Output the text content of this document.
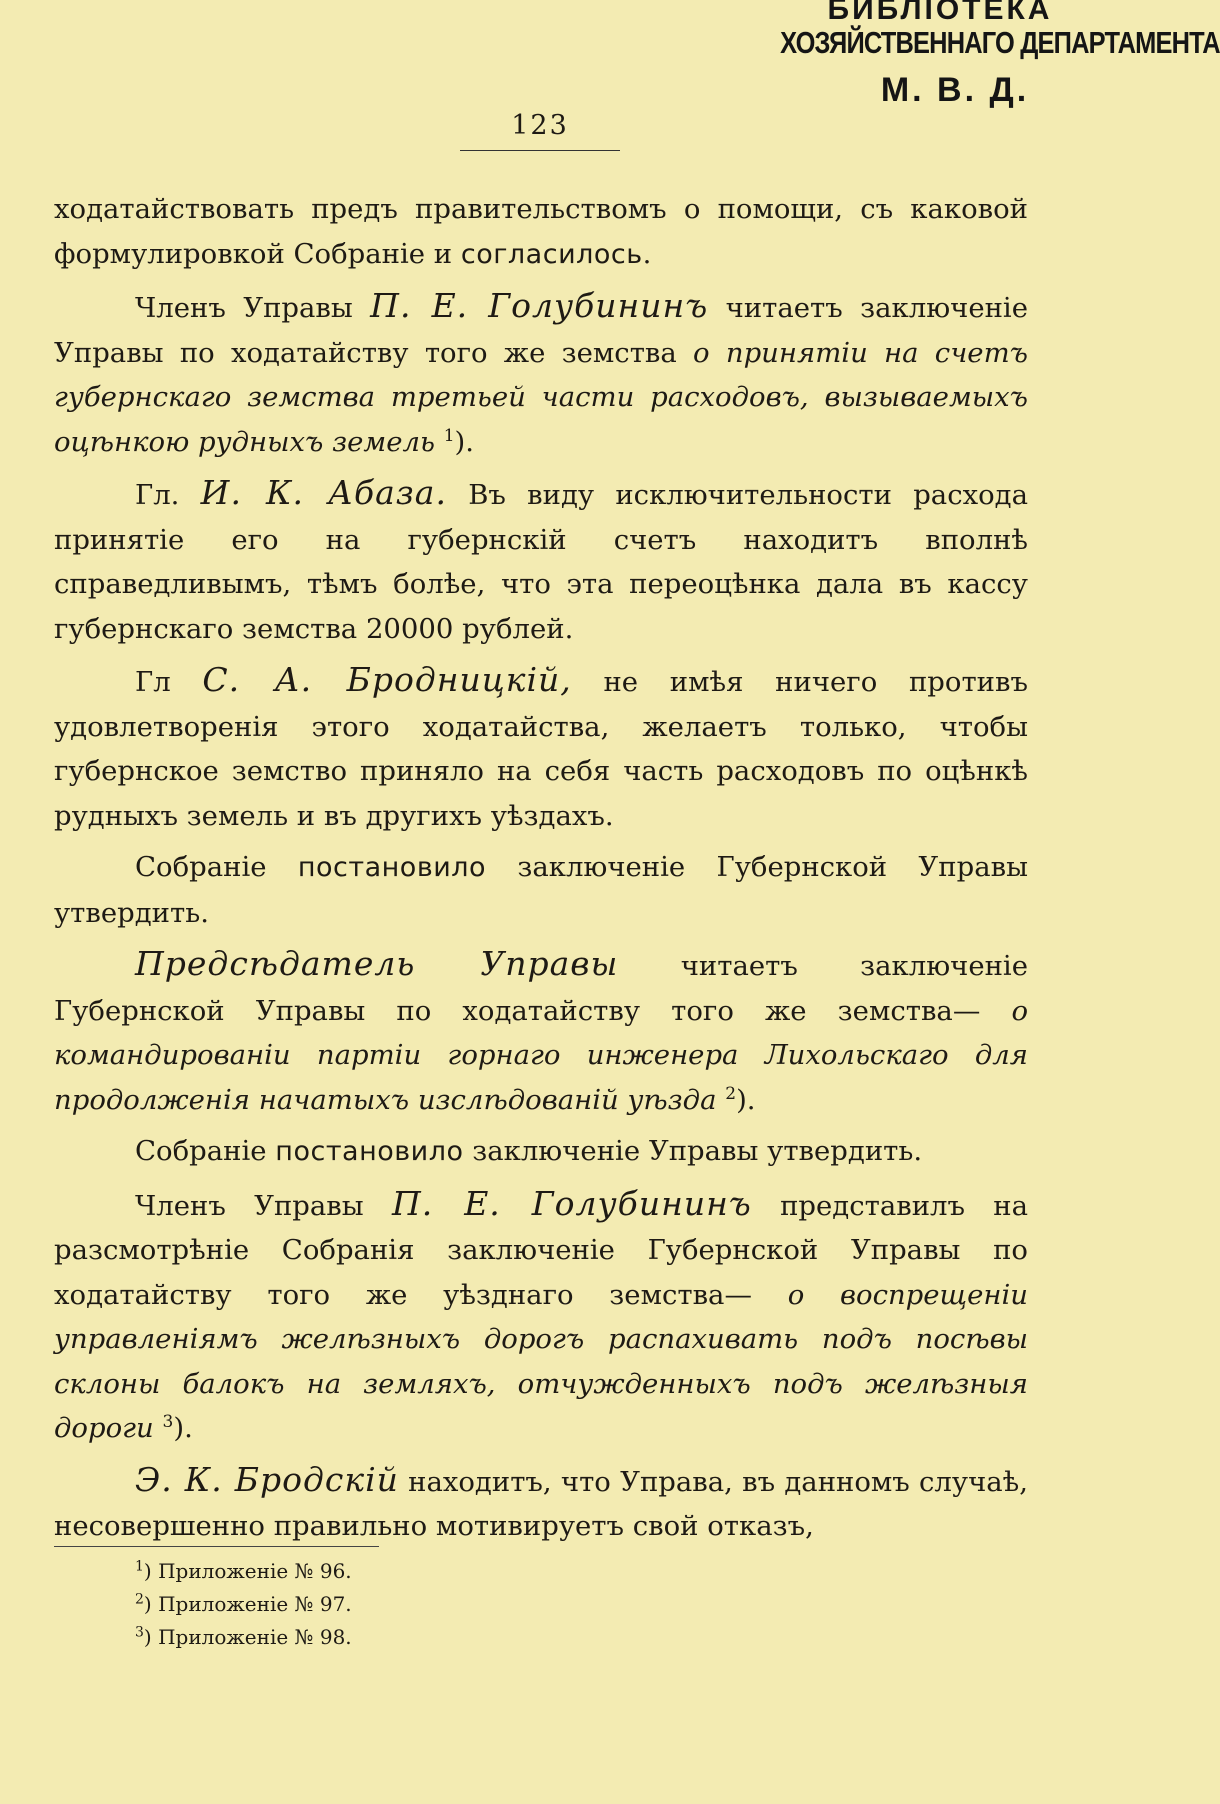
БИБЛІОТЕКА
ХОЗЯЙСТВЕННАГО ДЕПАРТАМЕНТА
М. В. Д.
123

ходатайствовать предъ правительствомъ о помощи, съ каковой формулировкой Собраніе и согласилось.

Членъ Управы П. Е. Голубининъ читаетъ заключеніе Управы по ходатайству того же земства о принятіи на счетъ губернскаго земства третьей части расходовъ, вызываемыхъ оцѣнкою рудныхъ земель $^1$).

Гл. И. К. Абаза. Въ виду исключительности расхода принятіе его на губернскій счетъ находитъ вполнѣ справедливымъ, тѣмъ болѣе, что эта переоцѣнка дала въ кассу губернскаго земства 20000 рублей.

Гл С. А. Бродницкій, не имѣя ничего противъ удовлетворенія этого ходатайства, желаетъ только, чтобы губернское земство приняло на себя часть расходовъ по оцѣнкѣ рудныхъ земель и въ другихъ уѣздахъ.

Собраніе постановило заключеніе Губернской Управы утвердить.

Предсѣдатель Управы читаетъ заключеніе Губернской Управы по ходатайству того же земства— о командированіи партіи горнаго инженера Лихольскаго для продолженія начатыхъ изслѣдованій уѣзда $^2$).

Собраніе постановило заключеніе Управы утвердить.

Членъ Управы П. Е. Голубининъ представилъ на разсмотрѣніе Собранія заключеніе Губернской Управы по ходатайству того же уѣзднаго земства— о воспрещеніи управленіямъ желѣзныхъ дорогъ распахивать подъ посѣвы склоны балокъ на земляхъ, отчужденныхъ подъ желѣзныя дороги $^3$).

Э. К. Бродскій находитъ, что Управа, въ данномъ случаѣ, несовершенно правильно мотивируетъ свой отказъ,

$^1$) Приложеніе № 96.
$^2$) Приложеніе № 97.
$^3$) Приложеніе № 98.
